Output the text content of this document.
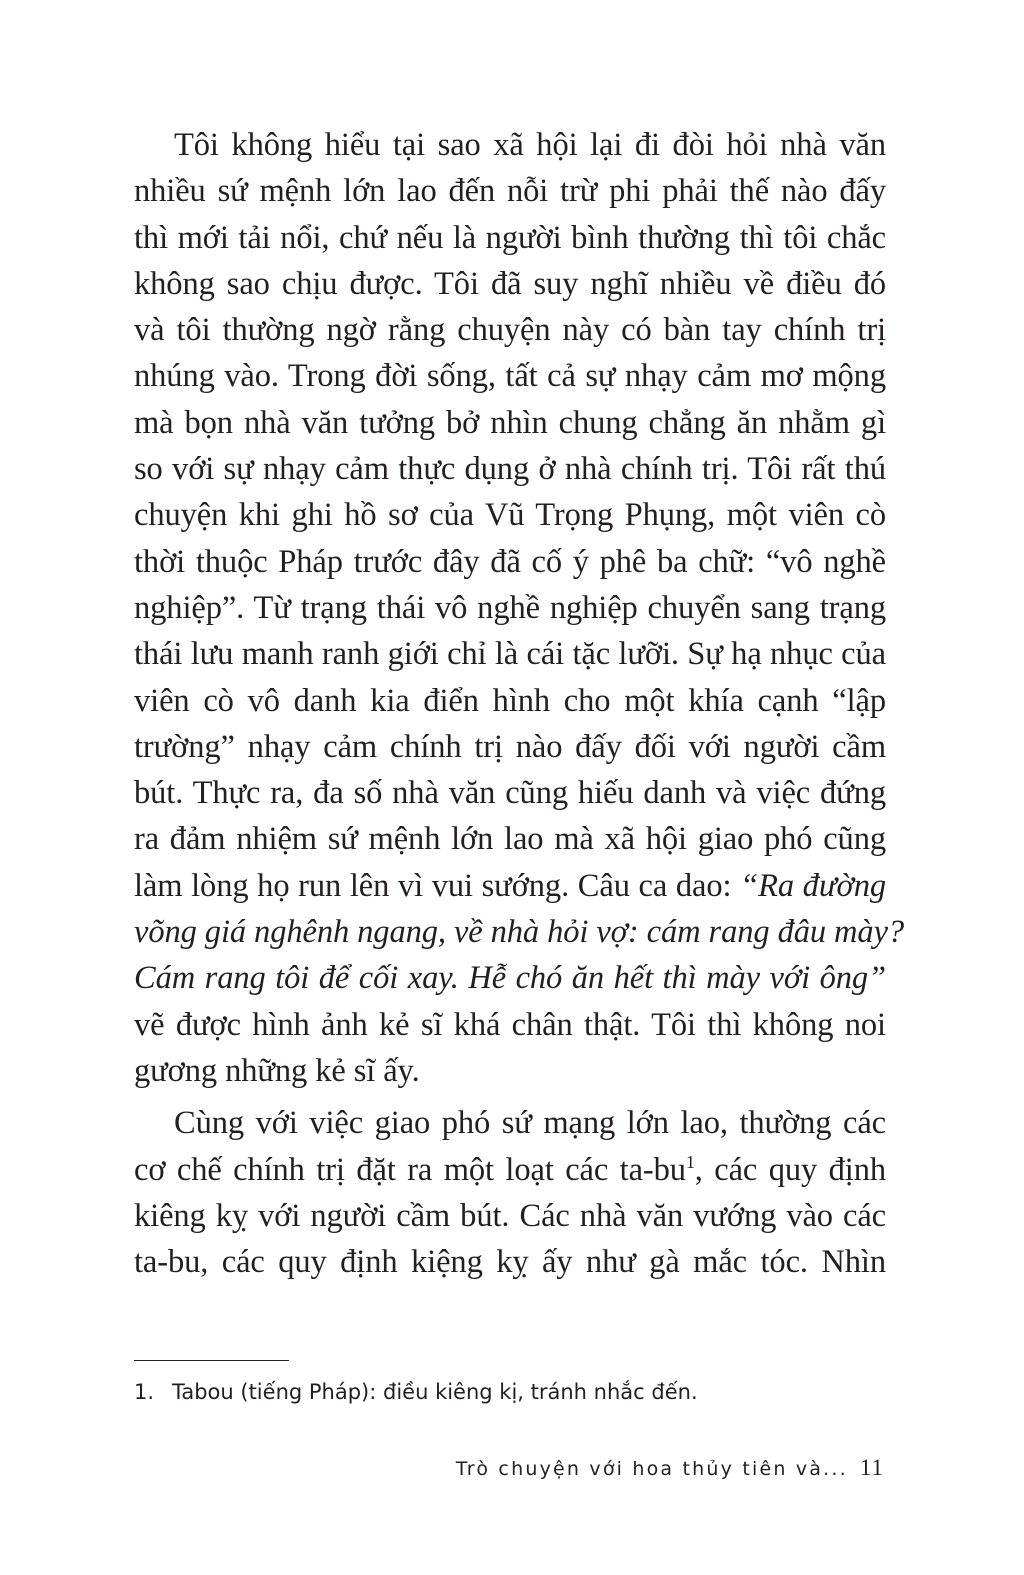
Tôi không hiểu tại sao xã hội lại đi đòi hỏi nhà văn
nhiều sứ mệnh lớn lao đến nỗi trừ phi phải thế nào đấy
thì mới tải nổi, chứ nếu là người bình thường thì tôi chắc
không sao chịu được. Tôi đã suy nghĩ nhiều về điều đó
và tôi thường ngờ rằng chuyện này có bàn tay chính trị
nhúng vào. Trong đời sống, tất cả sự nhạy cảm mơ mộng
mà bọn nhà văn tưởng bở nhìn chung chẳng ăn nhằm gì
so với sự nhạy cảm thực dụng ở nhà chính trị. Tôi rất thú
chuyện khi ghi hồ sơ của Vũ Trọng Phụng, một viên cò
thời thuộc Pháp trước đây đã cố ý phê ba chữ: “vô nghề
nghiệp”. Từ trạng thái vô nghề nghiệp chuyển sang trạng
thái lưu manh ranh giới chỉ là cái tặc lưỡi. Sự hạ nhục của
viên cò vô danh kia điển hình cho một khía cạnh “lập
trường” nhạy cảm chính trị nào đấy đối với người cầm
bút. Thực ra, đa số nhà văn cũng hiếu danh và việc đứng
ra đảm nhiệm sứ mệnh lớn lao mà xã hội giao phó cũng
làm lòng họ run lên vì vui sướng. Câu ca dao: “Ra đường
võng giá nghênh ngang, về nhà hỏi vợ: cám rang đâu mày?
Cám rang tôi để cối xay. Hễ chó ăn hết thì mày với ông”
vẽ được hình ảnh kẻ sĩ khá chân thật. Tôi thì không noi
gương những kẻ sĩ ấy.
Cùng với việc giao phó sứ mạng lớn lao, thường các
cơ chế chính trị đặt ra một loạt các $ta-bu^1$, các quy định
kiêng kỵ với người cầm bút. Các nhà văn vướng vào các
ta-bu, các quy định kiệng kỵ ấy như gà mắc tóc. Nhìn
1. Tabou (tiếng Pháp): điều kiêng kị, tránh nhắc đến.
Trò chuyện với hoa thủy tiên và... 11
